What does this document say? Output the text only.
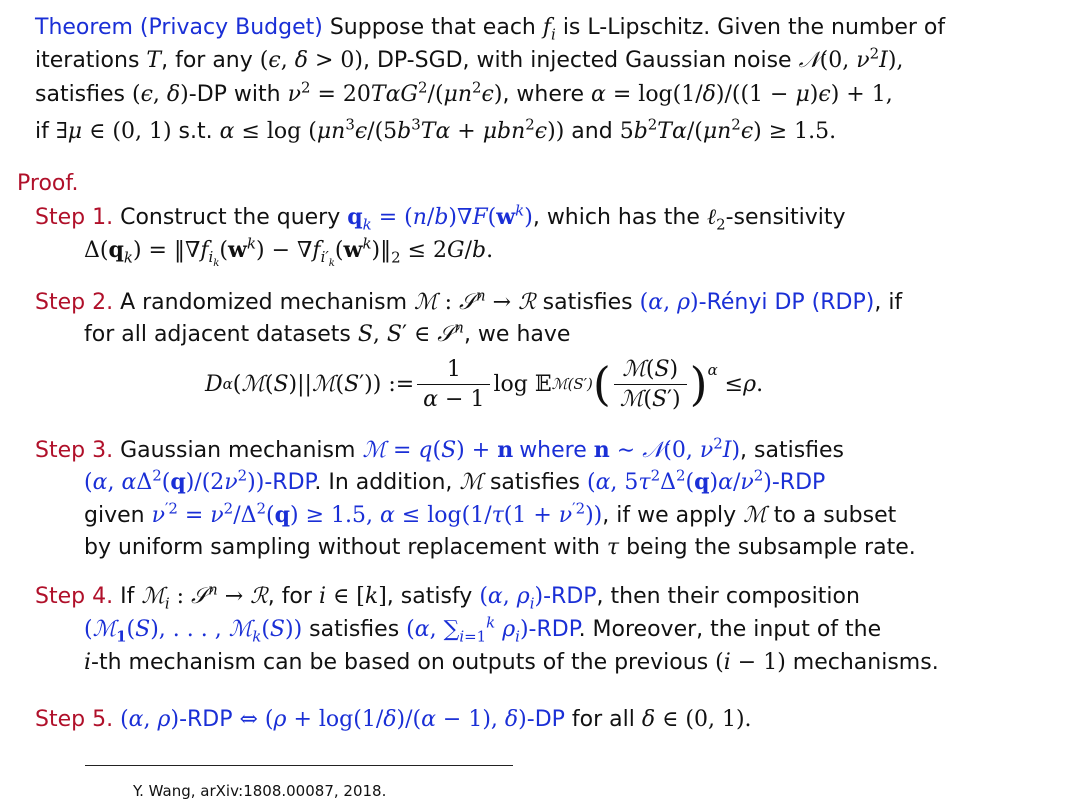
Theorem (Privacy Budget) Suppose that each $f_i$ is L-Lipschitz. Given the number of
iterations T, for any (ϵ, δ > 0), DP-SGD, with injected Gaussian noise 𝒩(0, $\nu^2I$),
satisfies (ϵ, δ)-DP with $\nu^2 = 20T\alpha G^2/(\mu n^2\epsilon)$, where α = log(1/δ)/((1 − μ)ϵ) + 1,
if ∃μ ∈ (0, 1) s.t. $\alpha \le \log (\mu n^3\epsilon/(5b^3T\alpha + \mu bn^2\epsilon))$ and $5b^2T\alpha/(\mu n^2\epsilon) \ge 1.5$.
Proof.
Step 1. Construct the query $q_k = (n/b)\nabla F(w^k)$, which has the ℓ$_2$-sensitivity
$\Delta(q_k)$ = $‖\nabla f_{i_k}(w^k)$ − $\nabla f_{i'_k}(w^k)‖_2 \le 2G/b$.
Step 2. A randomized mechanism ℳ : 𝒮$^n$ → ℛ satisfies (α, ρ)-Rényi DP (RDP), if
for all adjacent datasets S, S′ ∈ 𝒮$^n$, we have
D α ( ℳ ( S )|| ℳ ( S ′)) := $\frac{1}{\alpha - 1}$ log 𝔼 ℳ(S′) ( $\frac{\text{ℳ(S)}}{\text{ℳ(S′)}} )^\alpha$
≤ ρ .
Step 3. Gaussian mechanism ℳ = q(S) + n where n ∼ 𝒩(0, $\nu^2I$), satisfies
(α, $\alpha\Delta^2(q)/(2\nu^2)$)-RDP. In addition, ℳ satisfies (α, $5\tau^2\Delta^2(q)\alpha/\nu^2$)-RDP
given $\nu^{'2} = \nu^2/\Delta^2(q) \ge 1.5$, $\alpha \le \log(1/\tau(1 + \nu^{'2}))$, if we apply ℳ to a subset
by uniform sampling without replacement with τ being the subsample rate.
Step 4. If ℳ$_i$ : 𝒮$^n$ → ℛ, for i ∈ [k], satisfy (α, $\rho_i$)-RDP, then their composition
(ℳ$_1$(S), . . . , ℳ$_k$(S)) satisfies (α, $\sum_{i=1}^k$ $\rho_i$)-RDP. Moreover, the input of the
i-th mechanism can be based on outputs of the previous (i − 1) mechanisms.
Step 5. (α, ρ)-RDP ⇔ (ρ + log(1/δ)/(α − 1), δ)-DP for all δ ∈ (0, 1).
Y. Wang, arXiv:1808.00087, 2018.
